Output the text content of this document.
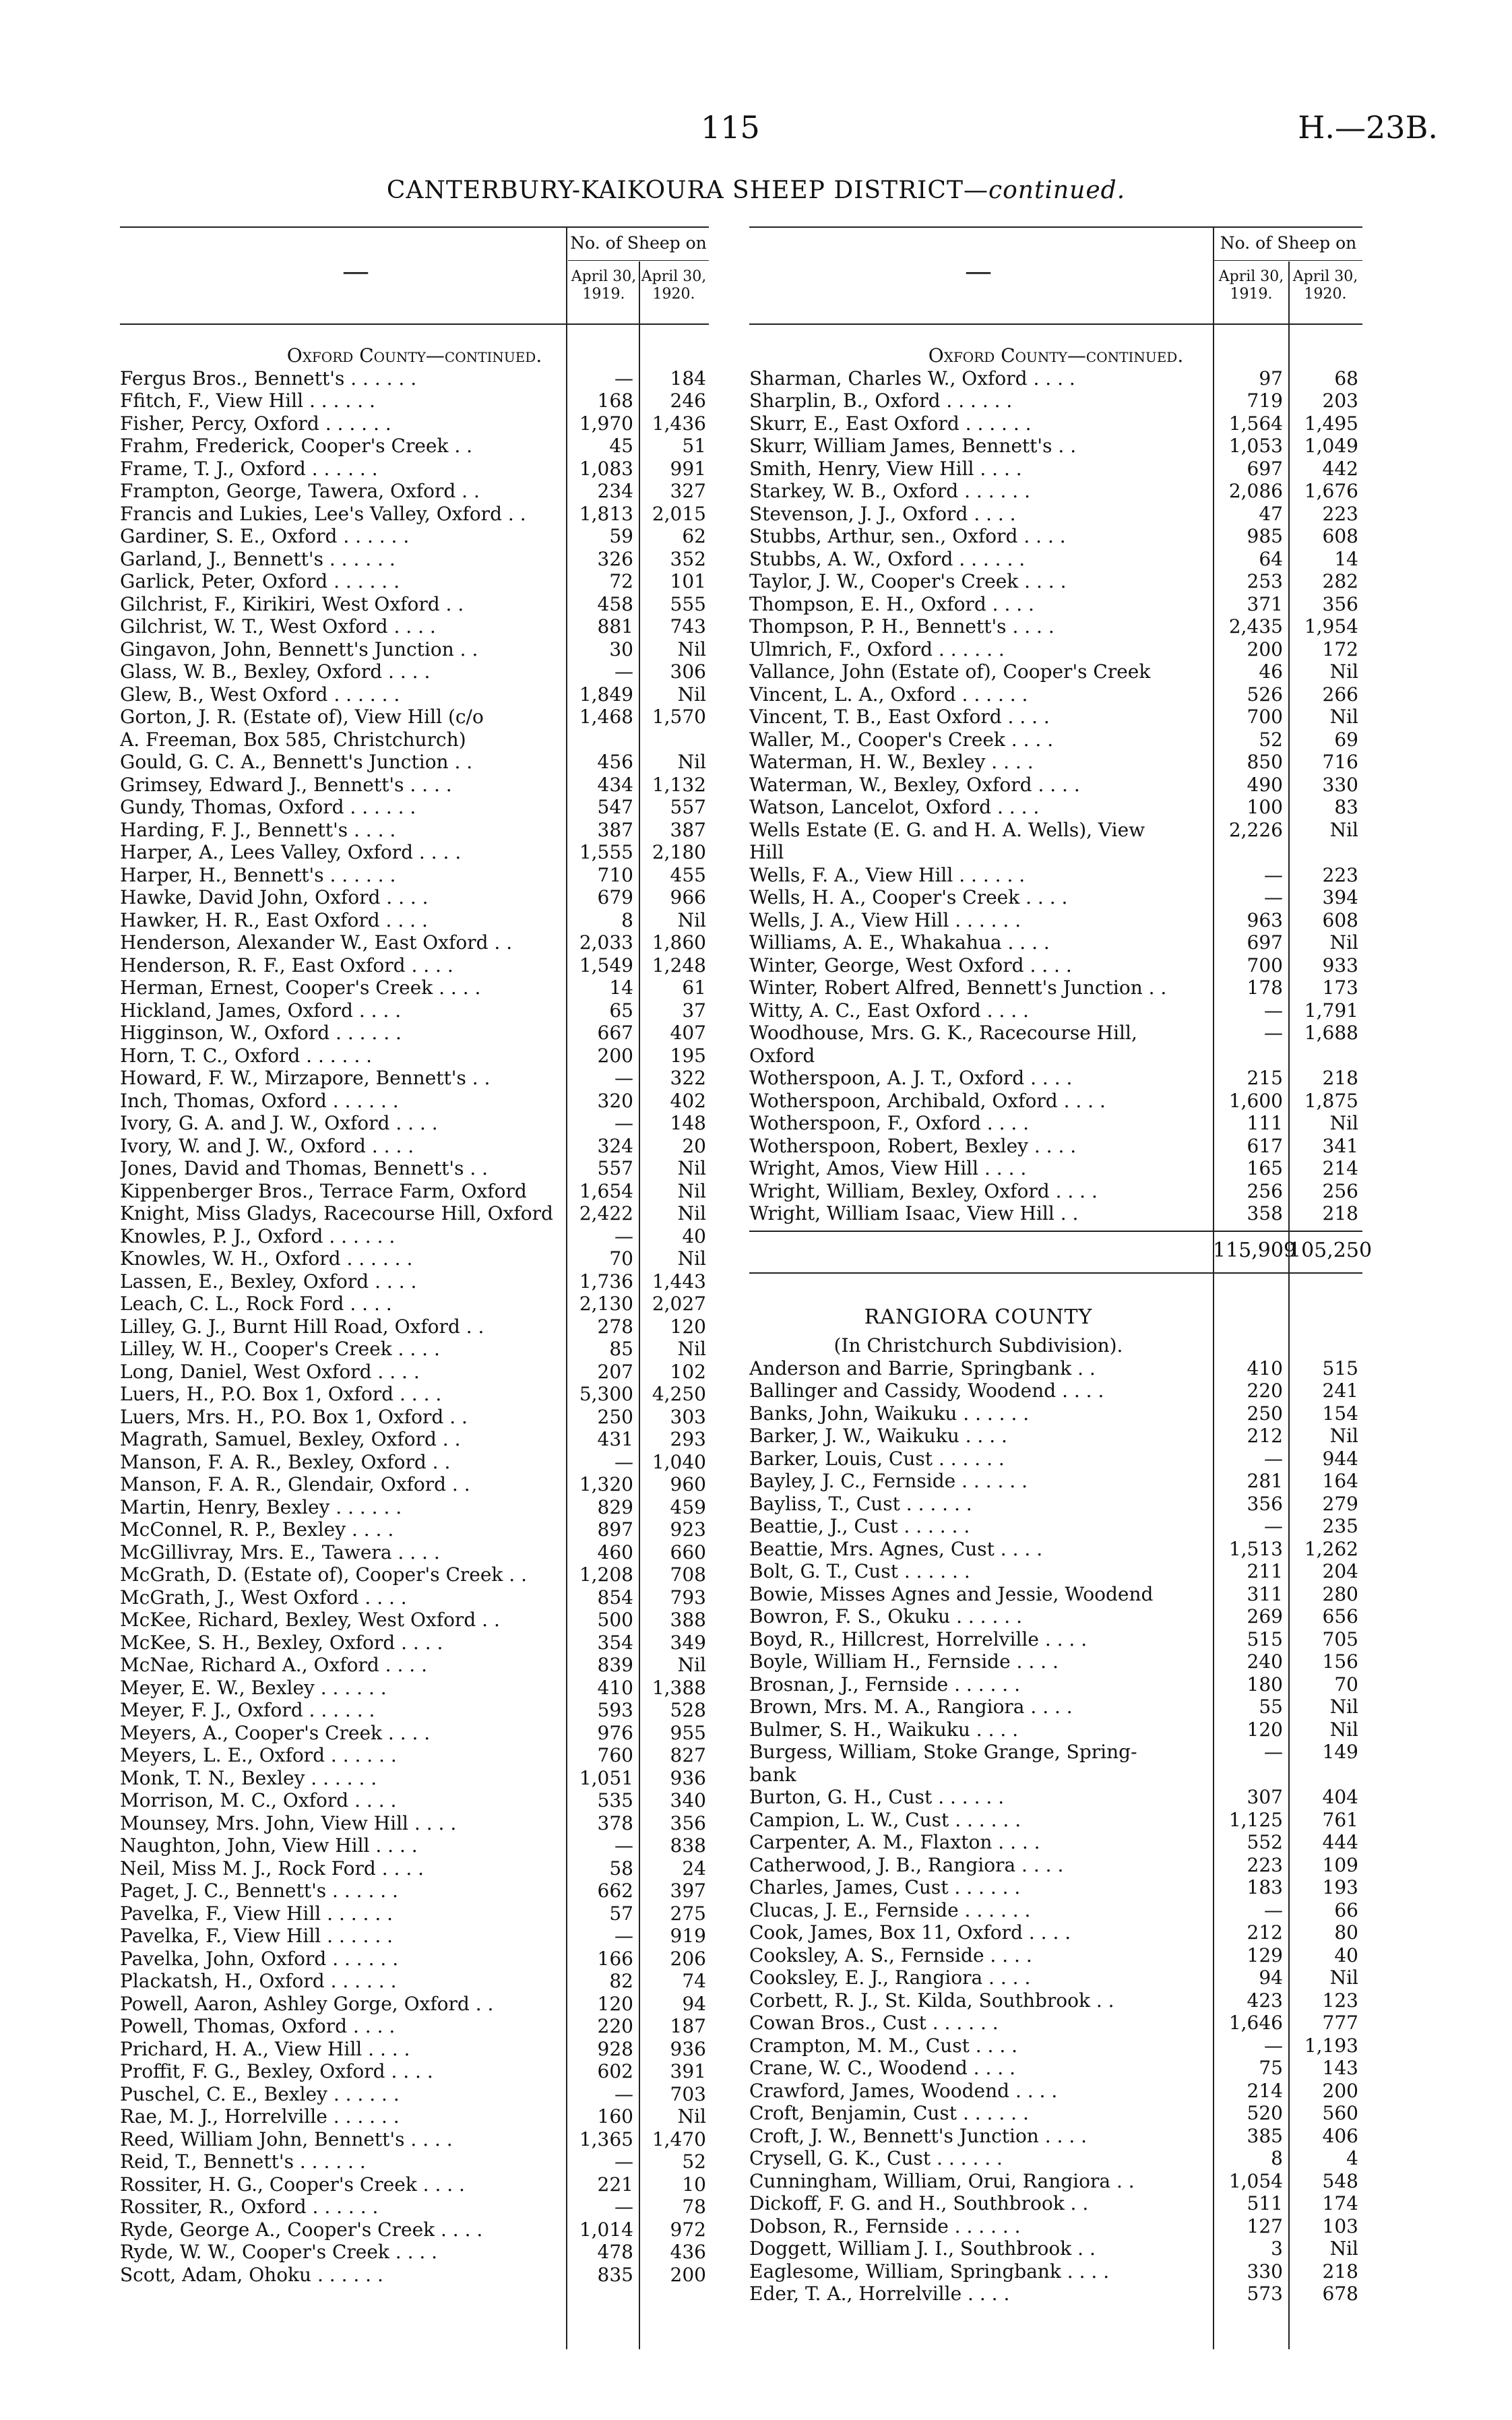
115	H.—23B.
CANTERBURY-KAIKOURA SHEEP DISTRICT—continued.
—
No. of Sheep on
April 30, 1919.
April 30, 1920.
Oxford County—continued.
Fergus Bros., Bennett's . . . . . .	—	184
Ffitch, F., View Hill . . . . . .	168	246
Fisher, Percy, Oxford . . . . . .	1,970 1,436
Frahm, Frederick, Cooper's Creek . .	45	51
Frame, T. J., Oxford . . . . . .	1,083	991
Frampton, George, Tawera, Oxford . .	234	327
Francis and Lukies, Lee's Valley, Oxford . .	1,813 2,015
Gardiner, S. E., Oxford . . . . . .	59	62
Garland, J., Bennett's . . . . . .	326	352
Garlick, Peter, Oxford . . . . . .	72	101
Gilchrist, F., Kirikiri, West Oxford . .	458	555
Gilchrist, W. T., West Oxford . . . .	881	743
Gingavon, John, Bennett's Junction . .	30	Nil
Glass, W. B., Bexley, Oxford . . . .	—	306
Glew, B., West Oxford . . . . . .	1,849	Nil
Gorton, J. R. (Estate of), View Hill (c/o	1,468 1,570
A. Freeman, Box 585, Christchurch)
Gould, G. C. A., Bennett's Junction . .	456	Nil
Grimsey, Edward J., Bennett's . . . .	434 1,132
Gundy, Thomas, Oxford . . . . . .	547	557
Harding, F. J., Bennett's . . . .	387	387
Harper, A., Lees Valley, Oxford . . . .	1,555 2,180
Harper, H., Bennett's . . . . . .	710	455
Hawke, David John, Oxford . . . .	679	966
Hawker, H. R., East Oxford . . . .	8	Nil
Henderson, Alexander W., East Oxford . .	2,033 1,860
Henderson, R. F., East Oxford . . . .	1,549 1,248
Herman, Ernest, Cooper's Creek . . . .	14	61
Hickland, James, Oxford . . . .	65	37
Higginson, W., Oxford . . . . . .	667	407
Horn, T. C., Oxford . . . . . .	200	195
Howard, F. W., Mirzapore, Bennett's . .	—	322
Inch, Thomas, Oxford . . . . . .	320	402
Ivory, G. A. and J. W., Oxford . . . .	—	148
Ivory, W. and J. W., Oxford . . . .	324	20
Jones, David and Thomas, Bennett's . .	557	Nil
Kippenberger Bros., Terrace Farm, Oxford	1,654	Nil
Knight, Miss Gladys, Racecourse Hill, Oxford	2,422	Nil
Knowles, P. J., Oxford . . . . . .	—	40
Knowles, W. H., Oxford . . . . . .	70	Nil
Lassen, E., Bexley, Oxford . . . .	1,736 1,443
Leach, C. L., Rock Ford . . . .	2,130 2,027
Lilley, G. J., Burnt Hill Road, Oxford . .	278	120
Lilley, W. H., Cooper's Creek . . . .	85	Nil
Long, Daniel, West Oxford . . . .	207	102
Luers, H., P.O. Box 1, Oxford . . . .	5,300 4,250
Luers, Mrs. H., P.O. Box 1, Oxford . .	250	303
Magrath, Samuel, Bexley, Oxford . .	431	293
Manson, F. A. R., Bexley, Oxford . .	— 1,040
Manson, F. A. R., Glendair, Oxford . .	1,320	960
Martin, Henry, Bexley . . . . . .	829	459
McConnel, R. P., Bexley . . . .	897	923
McGillivray, Mrs. E., Tawera . . . .	460	660
McGrath, D. (Estate of), Cooper's Creek . .	1,208	708
McGrath, J., West Oxford . . . .	854	793
McKee, Richard, Bexley, West Oxford . .	500	388
McKee, S. H., Bexley, Oxford . . . .	354	349
McNae, Richard A., Oxford . . . .	839	Nil
Meyer, E. W., Bexley . . . . . .	410 1,388
Meyer, F. J., Oxford . . . . . .	593	528
Meyers, A., Cooper's Creek . . . .	976	955
Meyers, L. E., Oxford . . . . . .	760	827
Monk, T. N., Bexley . . . . . .	1,051	936
Morrison, M. C., Oxford . . . .	535	340
Mounsey, Mrs. John, View Hill . . . .	378	356
Naughton, John, View Hill . . . .	—	838
Neil, Miss M. J., Rock Ford . . . .	58	24
Paget, J. C., Bennett's . . . . . .	662	397
Pavelka, F., View Hill . . . . . .	57	275
Pavelka, F., View Hill . . . . . .	—	919
Pavelka, John, Oxford . . . . . .	166	206
Plackatsh, H., Oxford . . . . . .	82	74
Powell, Aaron, Ashley Gorge, Oxford . .	120	94
Powell, Thomas, Oxford . . . .	220	187
Prichard, H. A., View Hill . . . .	928	936
Proffit, F. G., Bexley, Oxford . . . .	602	391
Puschel, C. E., Bexley . . . . . .	—	703
Rae, M. J., Horrelville . . . . . .	160	Nil
Reed, William John, Bennett's . . . .	1,365 1,470
Reid, T., Bennett's . . . . . .	—	52
Rossiter, H. G., Cooper's Creek . . . .	221	10
Rossiter, R., Oxford . . . . . .	—	78
Ryde, George A., Cooper's Creek . . . .	1,014	972
Ryde, W. W., Cooper's Creek . . . .	478	436
Scott, Adam, Ohoku . . . . . .	835	200
—
No. of Sheep on
April 30, 1919.
April 30, 1920.
Oxford County—continued.
Sharman, Charles W., Oxford . . . .	97	68
Sharplin, B., Oxford . . . . . .	719	203
Skurr, E., East Oxford . . . . . .	1,564	1,495
Skurr, William James, Bennett's . .	1,053	1,049
Smith, Henry, View Hill . . . .	697	442
Starkey, W. B., Oxford . . . . . .	2,086	1,676
Stevenson, J. J., Oxford . . . .	47	223
Stubbs, Arthur, sen., Oxford . . . .	985	608
Stubbs, A. W., Oxford . . . . . .	64	14
Taylor, J. W., Cooper's Creek . . . .	253	282
Thompson, E. H., Oxford . . . .	371	356
Thompson, P. H., Bennett's . . . .	2,435	1,954
Ulmrich, F., Oxford . . . . . .	200	172
Vallance, John (Estate of), Cooper's Creek	46	Nil
Vincent, L. A., Oxford . . . . . .	526	266
Vincent, T. B., East Oxford . . . .	700	Nil
Waller, M., Cooper's Creek . . . .	52	69
Waterman, H. W., Bexley . . . .	850	716
Waterman, W., Bexley, Oxford . . . .	490	330
Watson, Lancelot, Oxford . . . .	100	83
Wells Estate (E. G. and H. A. Wells), View	2,226	Nil
Hill
Wells, F. A., View Hill . . . . . .	—	223
Wells, H. A., Cooper's Creek . . . .	—	394
Wells, J. A., View Hill . . . . . .	963	608
Williams, A. E., Whakahua . . . .	697	Nil
Winter, George, West Oxford . . . .	700	933
Winter, Robert Alfred, Bennett's Junction . .	178	173
Witty, A. C., East Oxford . . . .	—	1,791
Woodhouse, Mrs. G. K., Racecourse Hill,	—	1,688
Oxford
Wotherspoon, A. J. T., Oxford . . . .	215	218
Wotherspoon, Archibald, Oxford . . . .	1,600	1,875
Wotherspoon, F., Oxford . . . .	111	Nil
Wotherspoon, Robert, Bexley . . . .	617	341
Wright, Amos, View Hill . . . .	165	214
Wright, William, Bexley, Oxford . . . .	256	256
Wright, William Isaac, View Hill . .	358	218
115,909
105,250
RANGIORA COUNTY
(In Christchurch Subdivision).
Anderson and Barrie, Springbank . .	410	515
Ballinger and Cassidy, Woodend . . . .	220	241
Banks, John, Waikuku . . . . . .	250	154
Barker, J. W., Waikuku . . . .	212	Nil
Barker, Louis, Cust . . . . . .	—	944
Bayley, J. C., Fernside . . . . . .	281	164
Bayliss, T., Cust . . . . . .	356	279
Beattie, J., Cust . . . . . .	—	235
Beattie, Mrs. Agnes, Cust . . . .	1,513	1,262
Bolt, G. T., Cust . . . . . .	211	204
Bowie, Misses Agnes and Jessie, Woodend	311	280
Bowron, F. S., Okuku . . . . . .	269	656
Boyd, R., Hillcrest, Horrelville . . . .	515	705
Boyle, William H., Fernside . . . .	240	156
Brosnan, J., Fernside . . . . . .	180	70
Brown, Mrs. M. A., Rangiora . . . .	55	Nil
Bulmer, S. H., Waikuku . . . .	120	Nil
Burgess, William, Stoke Grange, Spring-	—	149
bank
Burton, G. H., Cust . . . . . .	307	404
Campion, L. W., Cust . . . . . .	1,125	761
Carpenter, A. M., Flaxton . . . .	552	444
Catherwood, J. B., Rangiora . . . .	223	109
Charles, James, Cust . . . . . .	183	193
Clucas, J. E., Fernside . . . . . .	—	66
Cook, James, Box 11, Oxford . . . .	212	80
Cooksley, A. S., Fernside . . . .	129	40
Cooksley, E. J., Rangiora . . . .	94	Nil
Corbett, R. J., St. Kilda, Southbrook . .	423	123
Cowan Bros., Cust . . . . . .	1,646	777
Crampton, M. M., Cust . . . .	—	1,193
Crane, W. C., Woodend . . . .	75	143
Crawford, James, Woodend . . . .	214	200
Croft, Benjamin, Cust . . . . . .	520	560
Croft, J. W., Bennett's Junction . . . .	385	406
Crysell, G. K., Cust . . . . . .	8	4
Cunningham, William, Orui, Rangiora . .	1,054	548
Dickoff, F. G. and H., Southbrook . .	511	174
Dobson, R., Fernside . . . . . .	127	103
Doggett, William J. I., Southbrook . .	3	Nil
Eaglesome, William, Springbank . . . .	330	218
Eder, T. A., Horrelville . . . .	573	678
